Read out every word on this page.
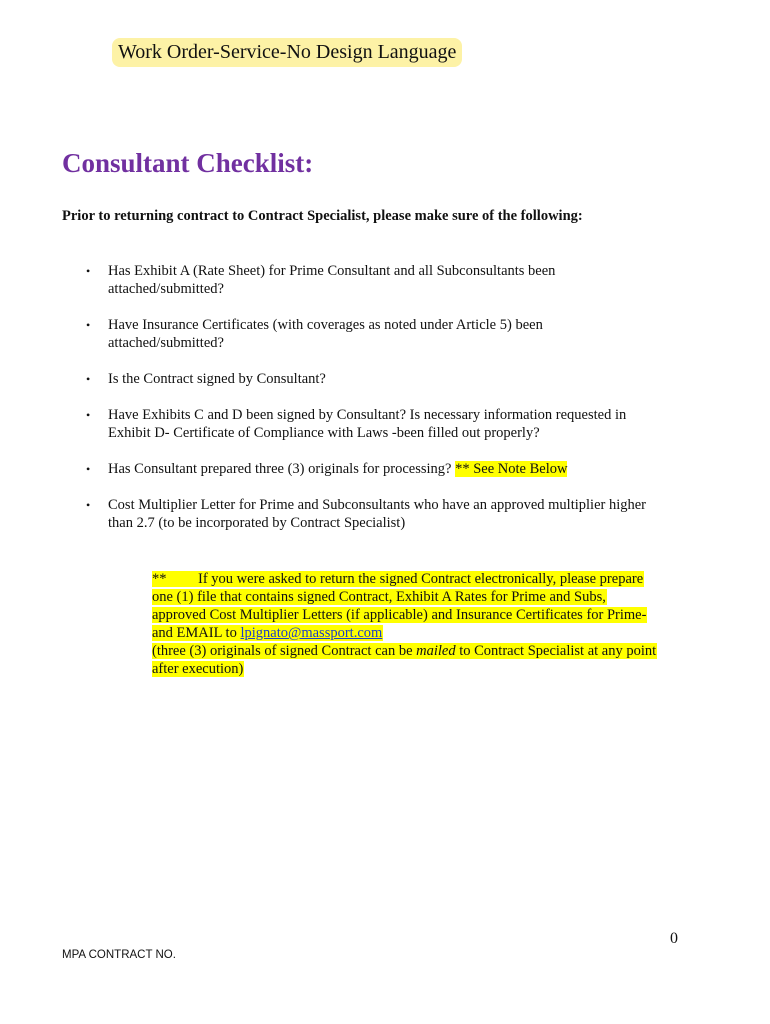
Work Order-Service-No Design Language
Consultant Checklist:
Prior to returning contract to Contract Specialist, please make sure of the following:
• Has Exhibit A (Rate Sheet) for Prime Consultant and all Subconsultants been
attached/submitted?
• Have Insurance Certificates (with coverages as noted under Article 5) been
attached/submitted?
• Is the Contract signed by Consultant?
• Have Exhibits C and D been signed by Consultant? Is necessary information requested in
Exhibit D- Certificate of Compliance with Laws -been filled out properly?
• Has Consultant prepared three (3) originals for processing? ** See Note Below
• Cost Multiplier Letter for Prime and Subconsultants who have an approved multiplier higher
than 2.7 (to be incorporated by Contract Specialist)
** If you were asked to return the signed Contract electronically, please prepare
one (1) file that contains signed Contract, Exhibit A Rates for Prime and Subs,
approved Cost Multiplier Letters (if applicable) and Insurance Certificates for Prime-
and EMAIL to lpignato@massport.com
(three (3) originals of signed Contract can be mailed to Contract Specialist at any point
after execution)
0
MPA CONTRACT NO.
